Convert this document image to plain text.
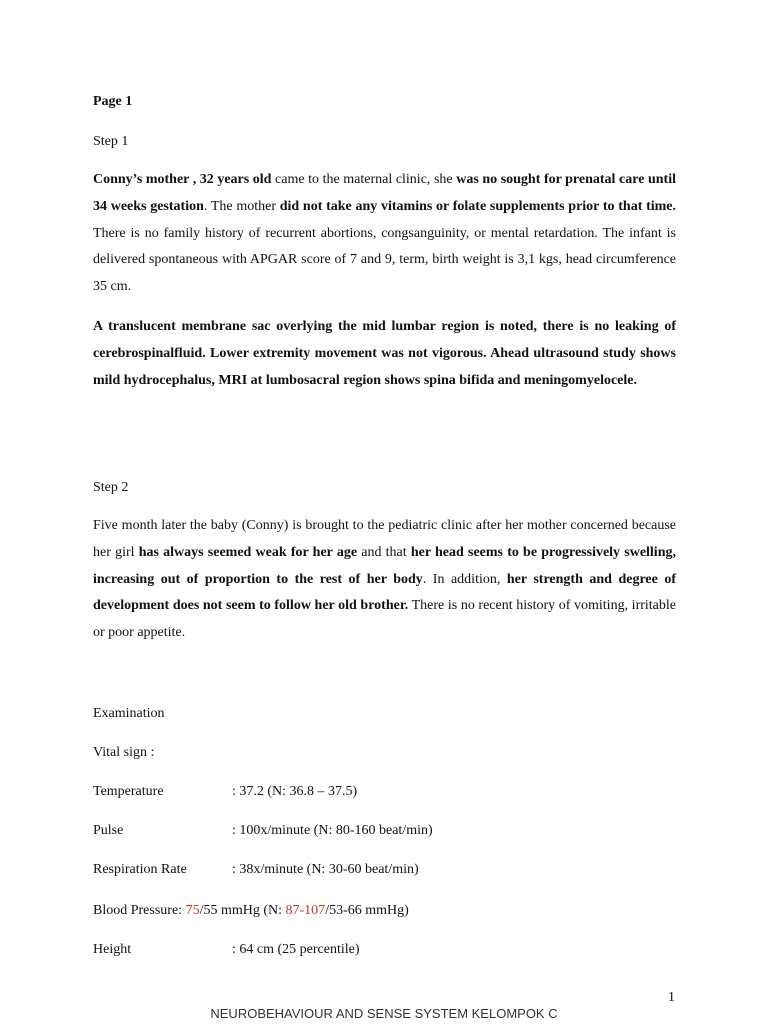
Page 1

Step 1

Conny’s mother , 32 years old came to the maternal clinic, she was no sought for prenatal care until 34 weeks gestation. The mother did not take any vitamins or folate supplements prior to that time. There is no family history of recurrent abortions, congsanguinity, or mental retardation. The infant is delivered spontaneous with APGAR score of 7 and 9, term, birth weight is 3,1 kgs, head circumference 35 cm.

A translucent membrane sac overlying the mid lumbar region is noted, there is no leaking of cerebrospinalfluid. Lower extremity movement was not vigorous. Ahead ultrasound study shows mild hydrocephalus, MRI at lumbosacral region shows spina bifida and meningomyelocele.

Step 2

Five month later the baby (Conny) is brought to the pediatric clinic after her mother concerned because her girl has always seemed weak for her age and that her head seems to be progressively swelling, increasing out of proportion to the rest of her body. In addition, her strength and degree of development does not seem to follow her old brother. There is no recent history of vomiting, irritable or poor appetite.

Examination

Vital sign :

Temperature	: 37.2 (N: 36.8 – 37.5)
Pulse	: 100x/minute (N: 80-160 beat/min)
Respiration Rate	: 38x/minute (N: 30-60 beat/min)
Blood Pressure: 75/55 mmHg (N: 87-107/53-66 mmHg)
Height	: 64 cm (25 percentile)
1
NEUROBEHAVIOUR AND SENSE SYSTEM KELOMPOK C
